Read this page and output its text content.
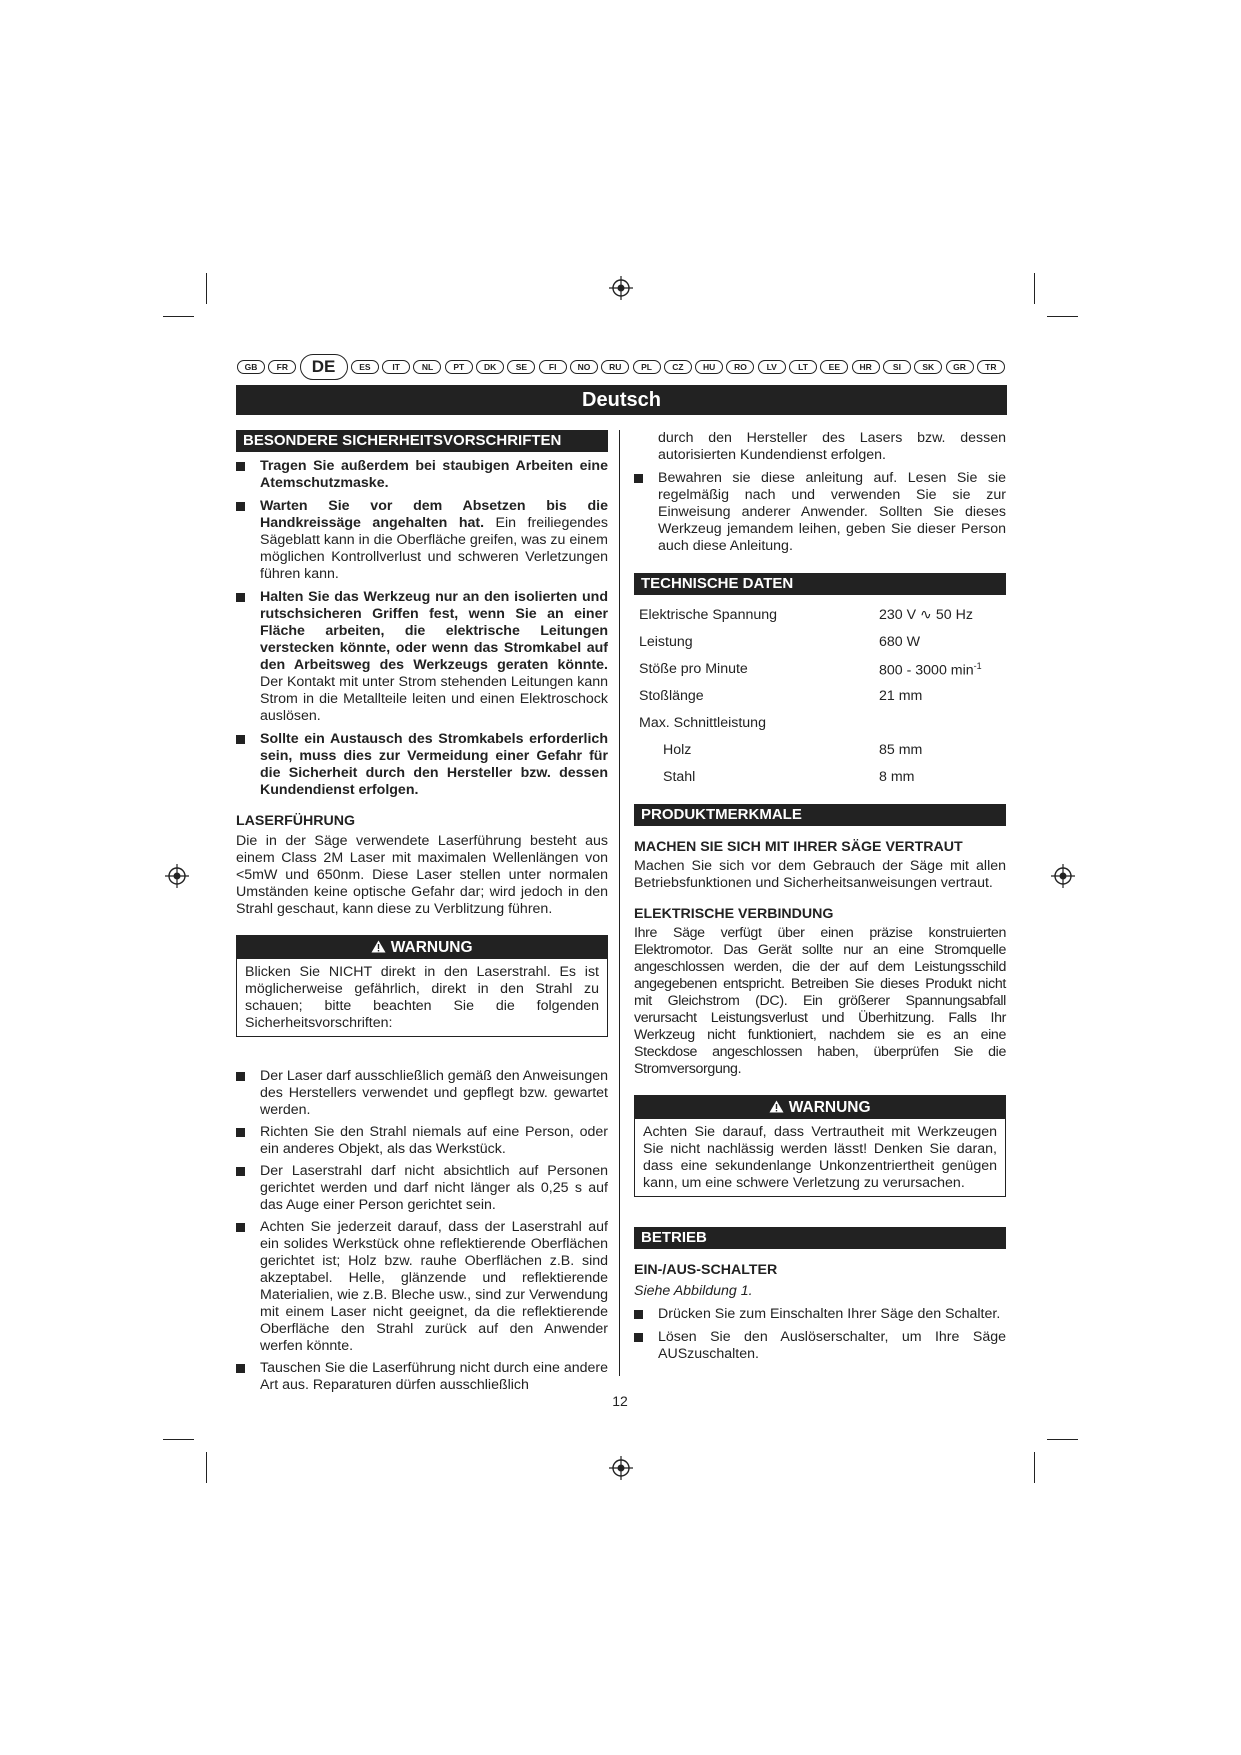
GB	FR	DE	ES	IT	NL	PT	DK	SE	FI	NO	RU	PL	CZ	HU	RO	LV	LT	EE	HR	SI	SK	GR	TR
Deutsch
BESONDERE SICHERHEITSVORSCHRIFTEN
Tragen Sie außerdem bei staubigen Arbeiten eine Atemschutzmaske.
Warten Sie vor dem Absetzen bis die Handkreissäge angehalten hat. Ein freiliegendes Sägeblatt kann in die Oberfläche greifen, was zu einem möglichen Kontrollverlust und schweren Verletzungen führen kann.
Halten Sie das Werkzeug nur an den isolierten und rutschsicheren Griffen fest, wenn Sie an einer Fläche arbeiten, die elektrische Leitungen verstecken könnte, oder wenn das Stromkabel auf den Arbeitsweg des Werkzeugs geraten könnte. Der Kontakt mit unter Strom stehenden Leitungen kann Strom in die Metallteile leiten und einen Elektroschock auslösen.
Sollte ein Austausch des Stromkabels erforderlich sein, muss dies zur Vermeidung einer Gefahr für die Sicherheit durch den Hersteller bzw. dessen Kundendienst erfolgen.
LASERFÜHRUNG
Die in der Säge verwendete Laserführung besteht aus einem Class 2M Laser mit maximalen Wellenlängen von <5mW und 650nm. Diese Laser stellen unter normalen Umständen keine optische Gefahr dar; wird jedoch in den Strahl geschaut, kann diese zu Verblitzung führen.
WARNUNG
Blicken Sie NICHT direkt in den Laserstrahl. Es ist möglicherweise gefährlich, direkt in den Strahl zu schauen; bitte beachten Sie die folgenden Sicherheitsvorschriften:
Der Laser darf ausschließlich gemäß den Anweisungen des Herstellers verwendet und gepflegt bzw. gewartet werden.
Richten Sie den Strahl niemals auf eine Person, oder ein anderes Objekt, als das Werkstück.
Der Laserstrahl darf nicht absichtlich auf Personen gerichtet werden und darf nicht länger als 0,25 s auf das Auge einer Person gerichtet sein.
Achten Sie jederzeit darauf, dass der Laserstrahl auf ein solides Werkstück ohne reflektierende Oberflächen gerichtet ist; Holz bzw. rauhe Oberflächen z.B. sind akzeptabel. Helle, glänzende und reflektierende Materialien, wie z.B. Bleche usw., sind zur Verwendung mit einem Laser nicht geeignet, da die reflektierende Oberfläche den Strahl zurück auf den Anwender werfen könnte.
Tauschen Sie die Laserführung nicht durch eine andere Art aus. Reparaturen dürfen ausschließlich
durch den Hersteller des Lasers bzw. dessen autorisierten Kundendienst erfolgen.
Bewahren sie diese anleitung auf. Lesen Sie sie regelmäßig nach und verwenden Sie sie zur Einweisung anderer Anwender. Sollten Sie dieses Werkzeug jemandem leihen, geben Sie dieser Person auch diese Anleitung.
TECHNISCHE DATEN
Elektrische Spannung	230 V ∿ 50 Hz
Leistung	680 W
Stöße pro Minute	800 - 3000 $\min^{-1}$
Stoßlänge	21 mm
Max. Schnittleistung
Holz	85 mm
Stahl	8 mm
PRODUKTMERKMALE
MACHEN SIE SICH MIT IHRER SÄGE VERTRAUT
Machen Sie sich vor dem Gebrauch der Säge mit allen Betriebsfunktionen und Sicherheitsanweisungen vertraut.
ELEKTRISCHE VERBINDUNG
Ihre Säge verfügt über einen präzise konstruierten Elektromotor. Das Gerät sollte nur an eine Stromquelle angeschlossen werden, die der auf dem Leistungsschild angegebenen entspricht. Betreiben Sie dieses Produkt nicht mit Gleichstrom (DC). Ein größerer Spannungsabfall verursacht Leistungsverlust und Überhitzung. Falls Ihr Werkzeug nicht funktioniert, nachdem sie es an eine Steckdose angeschlossen haben, überprüfen Sie die Stromversorgung.
WARNUNG
Achten Sie darauf, dass Vertrautheit mit Werkzeugen Sie nicht nachlässig werden lässt! Denken Sie daran, dass eine sekundenlange Unkonzentriertheit genügen kann, um eine schwere Verletzung zu verursachen.
BETRIEB
EIN-/AUS-SCHALTER
Siehe Abbildung 1.
Drücken Sie zum Einschalten Ihrer Säge den Schalter.
Lösen Sie den Auslöserschalter, um Ihre Säge AUSzuschalten.
12
